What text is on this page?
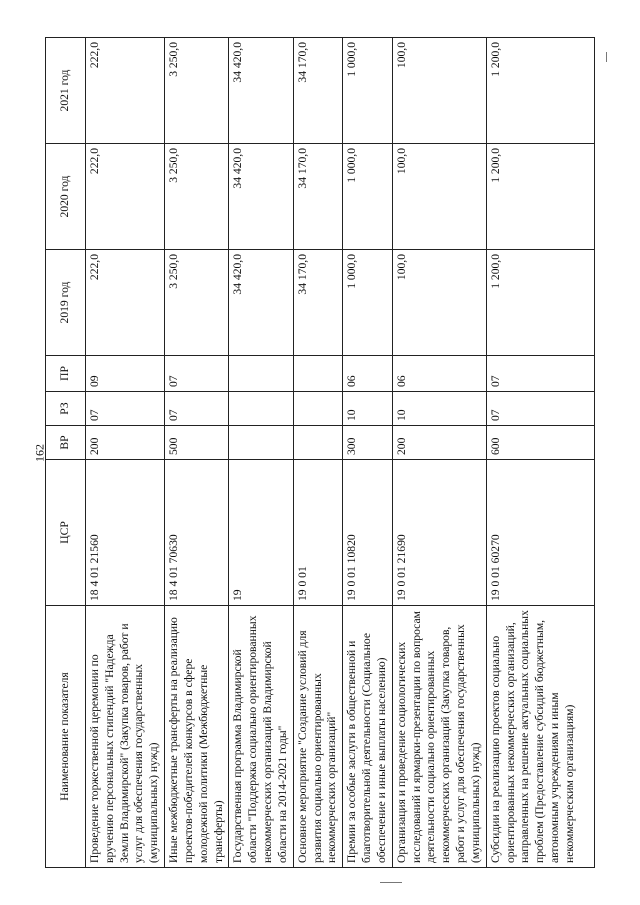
162
Наименование показателя	ЦСР	ВР	РЗ	ПР	2019 год	2020 год	2021 год
Проведение торжественной церемонии по вручению персональных стипендий "Надежда Земли Владимирской" (Закупка товаров, работ и услуг для обеспечения государственных (муниципальных) нужд)	18 4 01 21560	200	07	09	222,0	222,0	222,0
Иные межбюджетные трансферты на реализацию проектов-победителей конкурсов в сфере молодежной политики (Межбюджетные трансферты)	18 4 01 70630	500	07	07	3 250,0	3 250,0	3 250,0
Государственная программа Владимирской области "Поддержка социально ориентированных некоммерческих организаций Владимирской области на 2014-2021 годы"	19				34 420,0	34 420,0	34 420,0
Основное мероприятие "Создание условий для развития социально ориентированных некоммерческих организаций"	19 0 01				34 170,0	34 170,0	34 170,0
Премии за особые заслуги в общественной и благотворительной деятельности (Социальное обеспечение и иные выплаты населению)	19 0 01 10820	300	10	06	1 000,0	1 000,0	1 000,0
Организация и проведение социологических исследований и ярмарки-презентации по вопросам деятельности социально ориентированных некоммерческих организаций (Закупка товаров, работ и услуг для обеспечения государственных (муниципальных) нужд)	19 0 01 21690	200	10	06	100,0	100,0	100,0
Субсидии на реализацию проектов социально ориентированных некоммерческих организаций, направленных на решение актуальных социальных проблем (Предоставление субсидий бюджетным, автономным учреждениям и иным некоммерческим организациям)	19 0 01 60270	600	07	07	1 200,0	1 200,0	1 200,0
